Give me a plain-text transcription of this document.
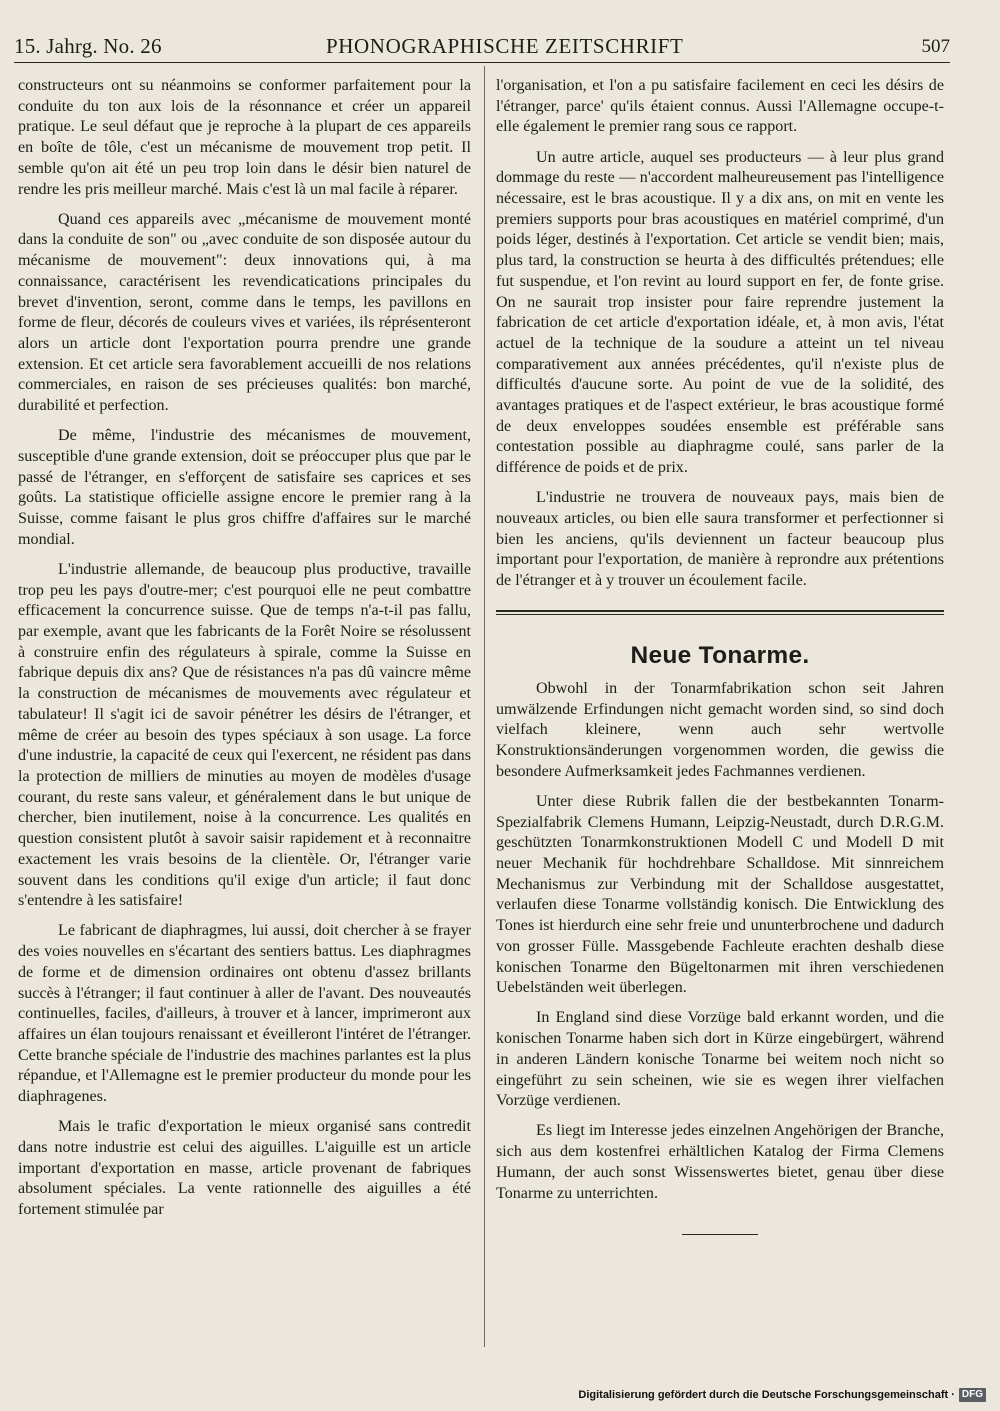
15. Jahrg. No. 26	PHONOGRAPHISCHE ZEITSCHRIFT	507

constructeurs ont su néanmoins se conformer parfaitement pour la conduite du ton aux lois de la résonnance et créer un appareil pratique. Le seul défaut que je reproche à la plupart de ces appareils en boîte de tôle, c'est un mécanisme de mouvement trop petit. Il semble qu'on ait été un peu trop loin dans le désir bien naturel de rendre les pris meilleur marché. Mais c'est là un mal facile à réparer.

Quand ces appareils avec „mécanisme de mouvement monté dans la conduite de son" ou „avec conduite de son disposée autour du mécanisme de mouvement": deux innovations qui, à ma connaissance, caractérisent les revendicatications principales du brevet d'invention, seront, comme dans le temps, les pavillons en forme de fleur, décorés de couleurs vives et variées, ils réprésenteront alors un article dont l'exportation pourra prendre une grande extension. Et cet article sera favorablement accueilli de nos relations commerciales, en raison de ses précieuses qualités: bon marché, durabilité et perfection.

De même, l'industrie des mécanismes de mouvement, susceptible d'une grande extension, doit se préoccuper plus que par le passé de l'étranger, en s'efforçent de satisfaire ses caprices et ses goûts. La statistique officielle assigne encore le premier rang à la Suisse, comme faisant le plus gros chiffre d'affaires sur le marché mondial.

L'industrie allemande, de beaucoup plus productive, travaille trop peu les pays d'outre-mer; c'est pourquoi elle ne peut combattre efficacement la concurrence suisse. Que de temps n'a-t-il pas fallu, par exemple, avant que les fabricants de la Forêt Noire se résolussent à construire enfin des régulateurs à spirale, comme la Suisse en fabrique depuis dix ans? Que de résistances n'a pas dû vaincre même la construction de mécanismes de mouvements avec régulateur et tabulateur! Il s'agit ici de savoir pénétrer les désirs de l'étranger, et même de créer au besoin des types spéciaux à son usage. La force d'une industrie, la capacité de ceux qui l'exercent, ne résident pas dans la protection de milliers de minuties au moyen de modèles d'usage courant, du reste sans valeur, et généralement dans le but unique de chercher, bien inutilement, noise à la concurrence. Les qualités en question consistent plutôt à savoir saisir rapidement et à reconnaitre exactement les vrais besoins de la clientèle. Or, l'étranger varie souvent dans les conditions qu'il exige d'un article; il faut donc s'entendre à les satisfaire!

Le fabricant de diaphragmes, lui aussi, doit chercher à se frayer des voies nouvelles en s'écartant des sentiers battus. Les diaphragmes de forme et de dimension ordinaires ont obtenu d'assez brillants succès à l'étranger; il faut continuer à aller de l'avant. Des nouveautés continuelles, faciles, d'ailleurs, à trouver et à lancer, imprimeront aux affaires un élan toujours renaissant et éveilleront l'intéret de l'étranger. Cette branche spéciale de l'industrie des machines parlantes est la plus répandue, et l'Allemagne est le premier producteur du monde pour les diaphragenes.

Mais le trafic d'exportation le mieux organisé sans contredit dans notre industrie est celui des aiguilles. L'aiguille est un article important d'exportation en masse, article provenant de fabriques absolument spéciales. La vente rationnelle des aiguilles a été fortement stimulée par

l'organisation, et l'on a pu satisfaire facilement en ceci les désirs de l'étranger, parce' qu'ils étaient connus. Aussi l'Allemagne occupe-t-elle également le premier rang sous ce rapport.

Un autre article, auquel ses producteurs — à leur plus grand dommage du reste — n'accordent malheureusement pas l'intelligence nécessaire, est le bras acoustique. Il y a dix ans, on mit en vente les premiers supports pour bras acoustiques en matériel comprimé, d'un poids léger, destinés à l'exportation. Cet article se vendit bien; mais, plus tard, la construction se heurta à des difficultés prétendues; elle fut suspendue, et l'on revint au lourd support en fer, de fonte grise. On ne saurait trop insister pour faire reprendre justement la fabrication de cet article d'exportation idéale, et, à mon avis, l'état actuel de la technique de la soudure a atteint un tel niveau comparativement aux années précédentes, qu'il n'existe plus de difficultés d'aucune sorte. Au point de vue de la solidité, des avantages pratiques et de l'aspect extérieur, le bras acoustique formé de deux enveloppes soudées ensemble est préférable sans contestation possible au diaphragme coulé, sans parler de la différence de poids et de prix.

L'industrie ne trouvera de nouveaux pays, mais bien de nouveaux articles, ou bien elle saura transformer et perfectionner si bien les anciens, qu'ils deviennent un facteur beaucoup plus important pour l'exportation, de manière à reprondre aux prétentions de l'étranger et à y trouver un écoulement facile.

Neue Tonarme.

Obwohl in der Tonarmfabrikation schon seit Jahren umwälzende Erfindungen nicht gemacht worden sind, so sind doch vielfach kleinere, wenn auch sehr wertvolle Konstruktionsänderungen vorgenommen worden, die gewiss die besondere Aufmerksamkeit jedes Fachmannes verdienen.

Unter diese Rubrik fallen die der bestbekannten Tonarm-Spezialfabrik Clemens Humann, Leipzig-Neustadt, durch D.R.G.M. geschützten Tonarmkonstruktionen Modell C und Modell D mit neuer Mechanik für hochdrehbare Schalldose. Mit sinnreichem Mechanismus zur Verbindung mit der Schalldose ausgestattet, verlaufen diese Tonarme vollständig konisch. Die Entwicklung des Tones ist hierdurch eine sehr freie und ununterbrochene und dadurch von grosser Fülle. Massgebende Fachleute erachten deshalb diese konischen Tonarme den Bügeltonarmen mit ihren verschiedenen Uebelständen weit überlegen.

In England sind diese Vorzüge bald erkannt worden, und die konischen Tonarme haben sich dort in Kürze eingebürgert, während in anderen Ländern konische Tonarme bei weitem noch nicht so eingeführt zu sein scheinen, wie sie es wegen ihrer vielfachen Vorzüge verdienen.

Es liegt im Interesse jedes einzelnen Angehörigen der Branche, sich aus dem kostenfrei erhältlichen Katalog der Firma Clemens Humann, der auch sonst Wissenswertes bietet, genau über diese Tonarme zu unterrichten.

Digitalisierung gefördert durch die Deutsche Forschungsgemeinschaft · DFG
